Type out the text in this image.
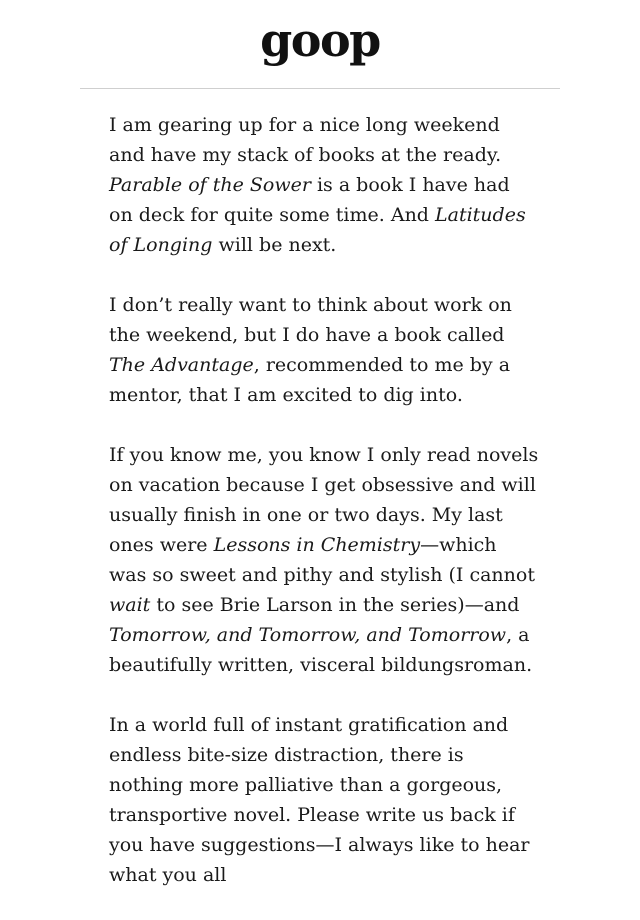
goop

I am gearing up for a nice long weekend and have my stack of books at the ready. Parable of the Sower is a book I have had on deck for quite some time. And Latitudes of Longing will be next.

I don’t really want to think about work on the weekend, but I do have a book called The Advantage, recommended to me by a mentor, that I am excited to dig into.

If you know me, you know I only read novels on vacation because I get obsessive and will usually finish in one or two days. My last ones were Lessons in Chemistry—which was so sweet and pithy and stylish (I cannot wait to see Brie Larson in the series)—and Tomorrow, and Tomorrow, and Tomorrow, a beautifully written, visceral bildungsroman.

In a world full of instant gratification and endless bite-size distraction, there is nothing more palliative than a gorgeous, transportive novel. Please write us back if you have suggestions—I always like to hear what you all
